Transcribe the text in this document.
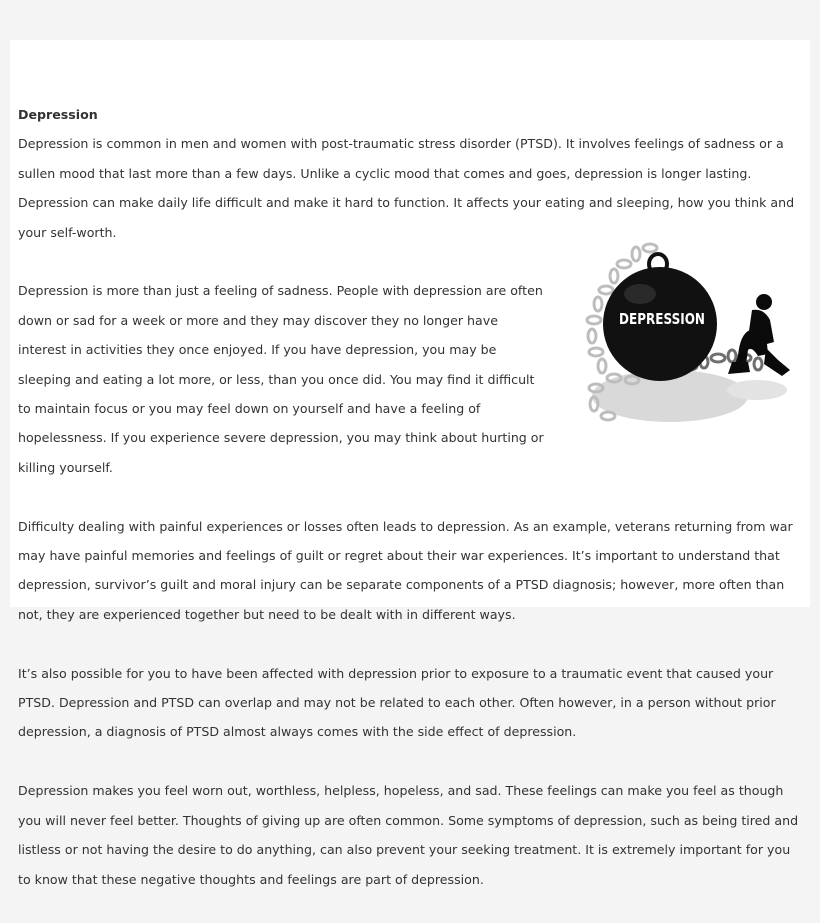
Depression

Depression is common in men and women with post-traumatic stress disorder (PTSD). It involves feelings of sadness or a sullen mood that last more than a few days. Unlike a cyclic mood that comes and goes, depression is longer lasting. Depression can make daily life difficult and make it hard to function. It affects your eating and sleeping, how you think and your self-worth.

Depression is more than just a feeling of sadness. People with depression are often down or sad for a week or more and they may discover they no longer have interest in activities they once enjoyed. If you have depression, you may be sleeping and eating a lot more, or less, than you once did. You may find it difficult to maintain focus or you may feel down on yourself and have a feeling of hopelessness. If you experience severe depression, you may think about hurting or killing yourself.

Difficulty dealing with painful experiences or losses often leads to depression. As an example, veterans returning from war may have painful memories and feelings of guilt or regret about their war experiences. It’s important to understand that depression, survivor’s guilt and moral injury can be separate components of a PTSD diagnosis; however, more often than not, they are experienced together but need to be dealt with in different ways.

It’s also possible for you to have been affected with depression prior to exposure to a traumatic event that caused your PTSD. Depression and PTSD can overlap and may not be related to each other. Often however, in a person without prior depression, a diagnosis of PTSD almost always comes with the side effect of depression.

Depression makes you feel worn out, worthless, helpless, hopeless, and sad. These feelings can make you feel as though you will never feel better. Thoughts of giving up are often common. Some symptoms of depression, such as being tired and listless or not having the desire to do anything, can also prevent your seeking treatment. It is extremely important for you to know that these negative thoughts and feelings are part of depression.

DEPRESSION
